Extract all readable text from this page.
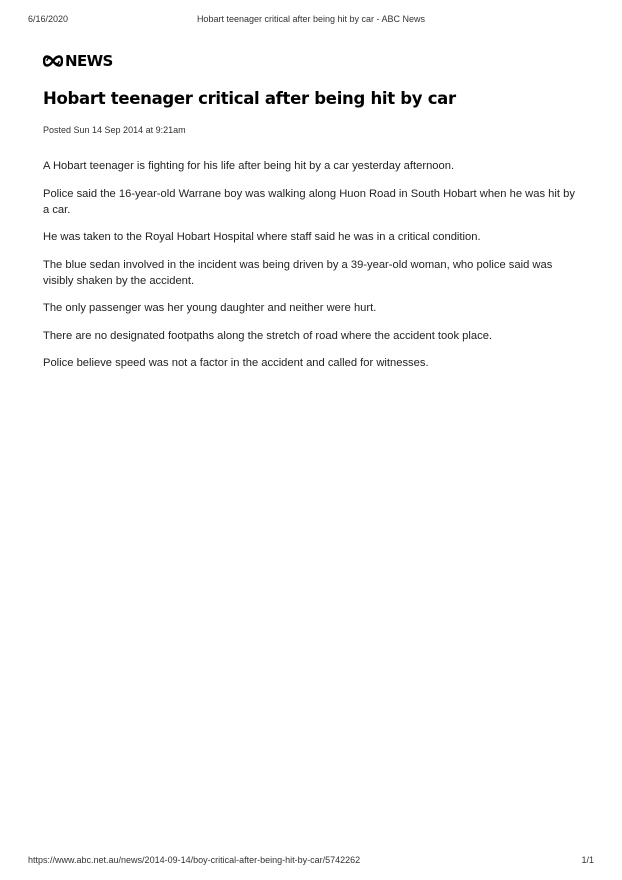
6/16/2020	Hobart teenager critical after being hit by car - ABC News
NEWS
Hobart teenager critical after being hit by car
Posted Sun 14 Sep 2014 at 9:21am

A Hobart teenager is fighting for his life after being hit by a car yesterday afternoon.

Police said the 16-year-old Warrane boy was walking along Huon Road in South Hobart when he was hit by a car.

He was taken to the Royal Hobart Hospital where staff said he was in a critical condition.

The blue sedan involved in the incident was being driven by a 39-year-old woman, who police said was visibly shaken by the accident.

The only passenger was her young daughter and neither were hurt.

There are no designated footpaths along the stretch of road where the accident took place.

Police believe speed was not a factor in the accident and called for witnesses.

https://www.abc.net.au/news/2014-09-14/boy-critical-after-being-hit-by-car/5742262	1/1
